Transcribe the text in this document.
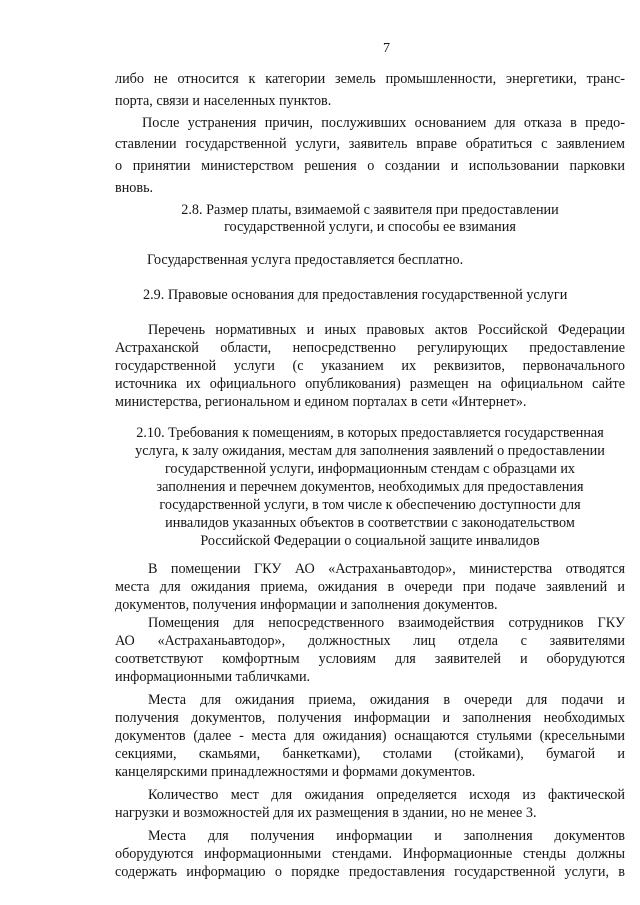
7
либо не относится к категории земель промышленности, энергетики, транс-
порта, связи и населенных пунктов.
После устранения причин, послуживших основанием для отказа в предо-
ставлении государственной услуги, заявитель вправе обратиться с заявлением
о принятии министерством решения о создании и использовании парковки
вновь.
2.8. Размер платы, взимаемой с заявителя при предоставлении
государственной услуги, и способы ее взимания
Государственная услуга предоставляется бесплатно.
2.9. Правовые основания для предоставления государственной услуги
Перечень нормативных и иных правовых актов Российской Федерации
Астраханской области, непосредственно регулирующих предоставление
государственной услуги (с указанием их реквизитов, первоначального
источника их официального опубликования) размещен на официальном сайте
министерства, региональном и едином порталах в сети «Интернет».
2.10. Требования к помещениям, в которых предоставляется государственная
услуга, к залу ожидания, местам для заполнения заявлений о предоставлении
государственной услуги, информационным стендам с образцами их
заполнения и перечнем документов, необходимых для предоставления
государственной услуги, в том числе к обеспечению доступности для
инвалидов указанных объектов в соответствии с законодательством
Российской Федерации о социальной защите инвалидов
В помещении ГКУ АО «Астраханьавтодор», министерства отводятся
места для ожидания приема, ожидания в очереди при подаче заявлений и
документов, получения информации и заполнения документов.
Помещения для непосредственного взаимодействия сотрудников ГКУ
АО «Астраханьавтодор», должностных лиц отдела с заявителями
соответствуют комфортным условиям для заявителей и оборудуются
информационными табличками.
Места для ожидания приема, ожидания в очереди для подачи и
получения документов, получения информации и заполнения необходимых
документов (далее - места для ожидания) оснащаются стульями (кресельными
секциями, скамьями, банкетками), столами (стойками), бумагой и
канцелярскими принадлежностями и формами документов.
Количество мест для ожидания определяется исходя из фактической
нагрузки и возможностей для их размещения в здании, но не менее 3.
Места для получения информации и заполнения документов
оборудуются информационными стендами. Информационные стенды должны
содержать информацию о порядке предоставления государственной услуги, в
